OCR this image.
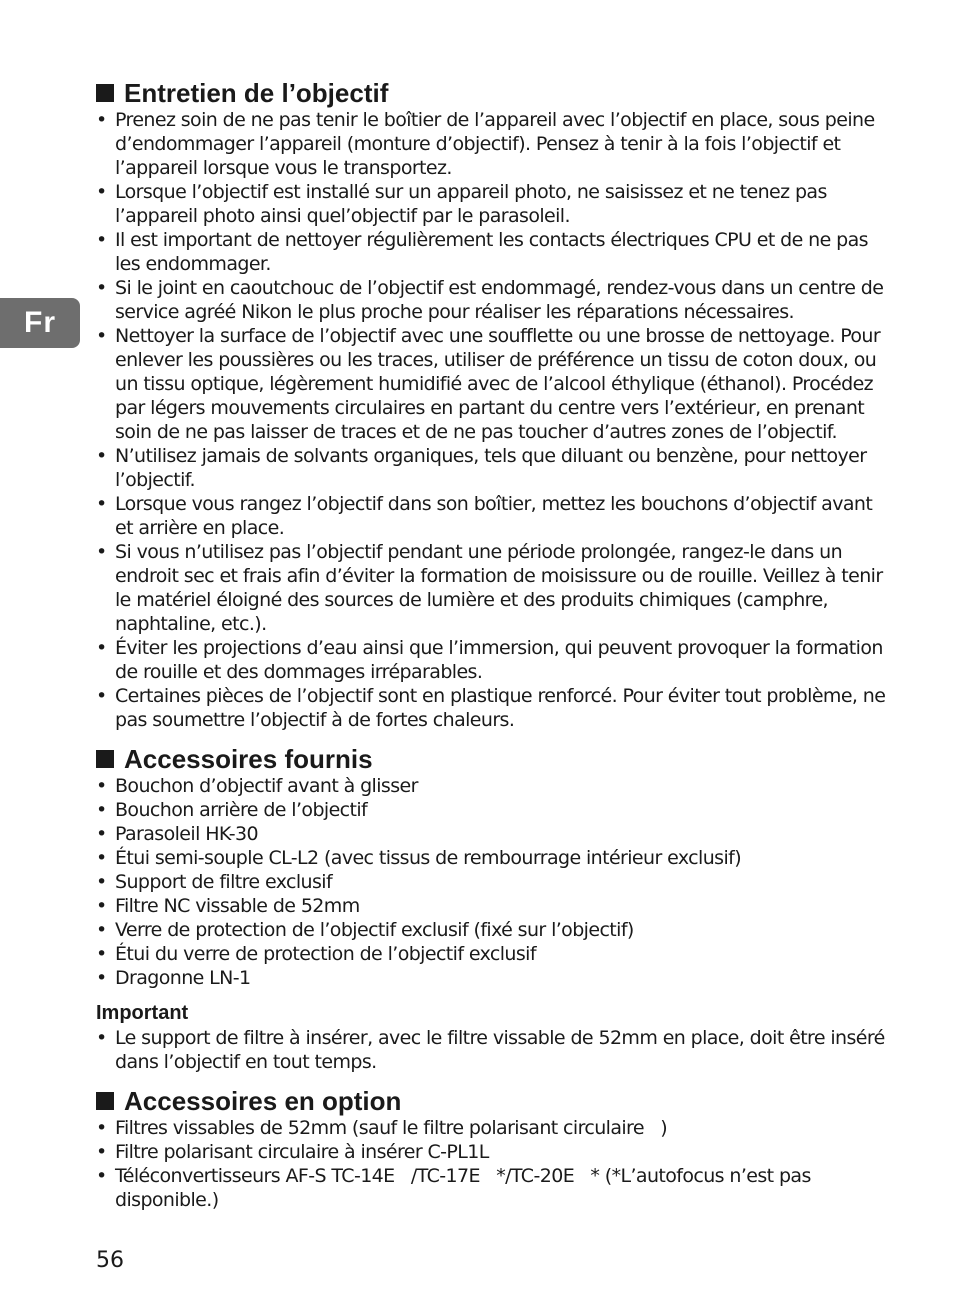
Fr
Entretien de l’objectif
• Prenez soin de ne pas tenir le boîtier de l’appareil avec l’objectif en place, sous peine d’endommager l’appareil (monture d’objectif). Pensez à tenir à la fois l’objectif et l’appareil lorsque vous le transportez.
• Lorsque l’objectif est installé sur un appareil photo, ne saisissez et ne tenez pas l’appareil photo ainsi quel’objectif par le parasoleil.
• Il est important de nettoyer régulièrement les contacts électriques CPU et de ne pas les endommager.
• Si le joint en caoutchouc de l’objectif est endommagé, rendez-vous dans un centre de service agréé Nikon le plus proche pour réaliser les réparations nécessaires.
• Nettoyer la surface de l’objectif avec une soufflette ou une brosse de nettoyage. Pour enlever les poussières ou les traces, utiliser de préférence un tissu de coton doux, ou un tissu optique, légèrement humidifié avec de l’alcool éthylique (éthanol). Procédez par légers mouvements circulaires en partant du centre vers l’extérieur, en prenant soin de ne pas laisser de traces et de ne pas toucher d’autres zones de l’objectif.
• N’utilisez jamais de solvants organiques, tels que diluant ou benzène, pour nettoyer l’objectif.
• Lorsque vous rangez l’objectif dans son boîtier, mettez les bouchons d’objectif avant et arrière en place.
• Si vous n’utilisez pas l’objectif pendant une période prolongée, rangez-le dans un endroit sec et frais afin d’éviter la formation de moisissure ou de rouille. Veillez à tenir le matériel éloigné des sources de lumière et des produits chimiques (camphre, naphtaline, etc.).
• Éviter les projections d’eau ainsi que l’immersion, qui peuvent provoquer la formation de rouille et des dommages irréparables.
• Certaines pièces de l’objectif sont en plastique renforcé. Pour éviter tout problème, ne pas soumettre l’objectif à de fortes chaleurs.
Accessoires fournis
• Bouchon d’objectif avant à glisser
• Bouchon arrière de l’objectif
• Parasoleil HK-30
• Étui semi-souple CL-L2 (avec tissus de rembourrage intérieur exclusif)
• Support de filtre exclusif
• Filtre NC vissable de 52mm
• Verre de protection de l’objectif exclusif (fixé sur l’objectif)
• Étui du verre de protection de l’objectif exclusif
• Dragonne LN-1
Important
• Le support de filtre à insérer, avec le filtre vissable de 52mm en place, doit être inséré dans l’objectif en tout temps.
Accessoires en option
• Filtres vissables de 52mm (sauf le filtre polarisant circulaire   )
• Filtre polarisant circulaire à insérer C-PL1L
• Téléconvertisseurs AF-S TC-14E   /TC-17E   */TC-20E   * (*L’autofocus n’est pas disponible.)
56
